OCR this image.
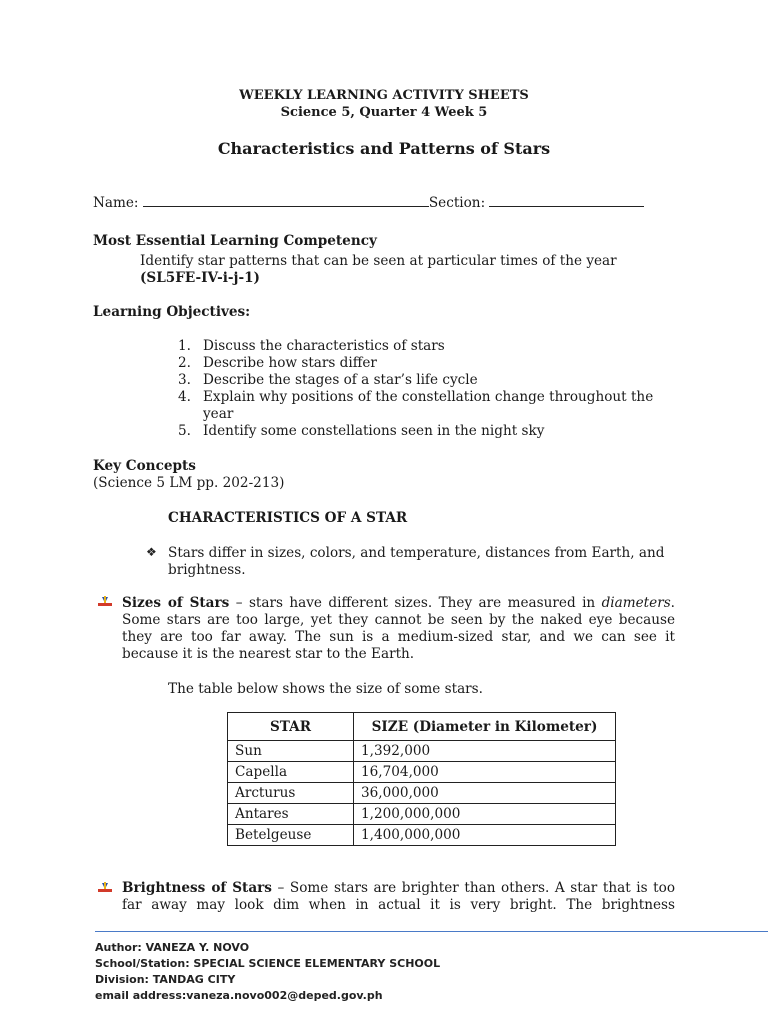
WEEKLY LEARNING ACTIVITY SHEETS
Science 5, Quarter 4 Week 5
Characteristics and Patterns of Stars
Name:	Section:
Most Essential Learning Competency
Identify star patterns that can be seen at particular times of the year
(SL5FE-IV-i-j-1)
Learning Objectives:
1. Discuss the characteristics of stars
2. Describe how stars differ
3. Describe the stages of a star’s life cycle
4. Explain why positions of the constellation change throughout the year
5. Identify some constellations seen in the night sky
Key Concepts
(Science 5 LM pp. 202-213)
CHARACTERISTICS OF A STAR
❖ Stars differ in sizes, colors, and temperature, distances from Earth, and brightness.
Sizes of Stars – stars have different sizes. They are measured in diameters. Some stars are too large, yet they cannot be seen by the naked eye because they are too far away. The sun is a medium-sized star, and we can see it because it is the nearest star to the Earth.
The table below shows the size of some stars.
STAR	SIZE (Diameter in Kilometer)
Sun	1,392,000
Capella	16,704,000
Arcturus	36,000,000
Antares	1,200,000,000
Betelgeuse	1,400,000,000
Brightness of Stars – Some stars are brighter than others. A star that is too far away may look dim when in actual it is very bright. The brightness
Author: VANEZA Y. NOVO
School/Station: SPECIAL SCIENCE ELEMENTARY SCHOOL
Division: TANDAG CITY
email address:vaneza.novo002@deped.gov.ph
